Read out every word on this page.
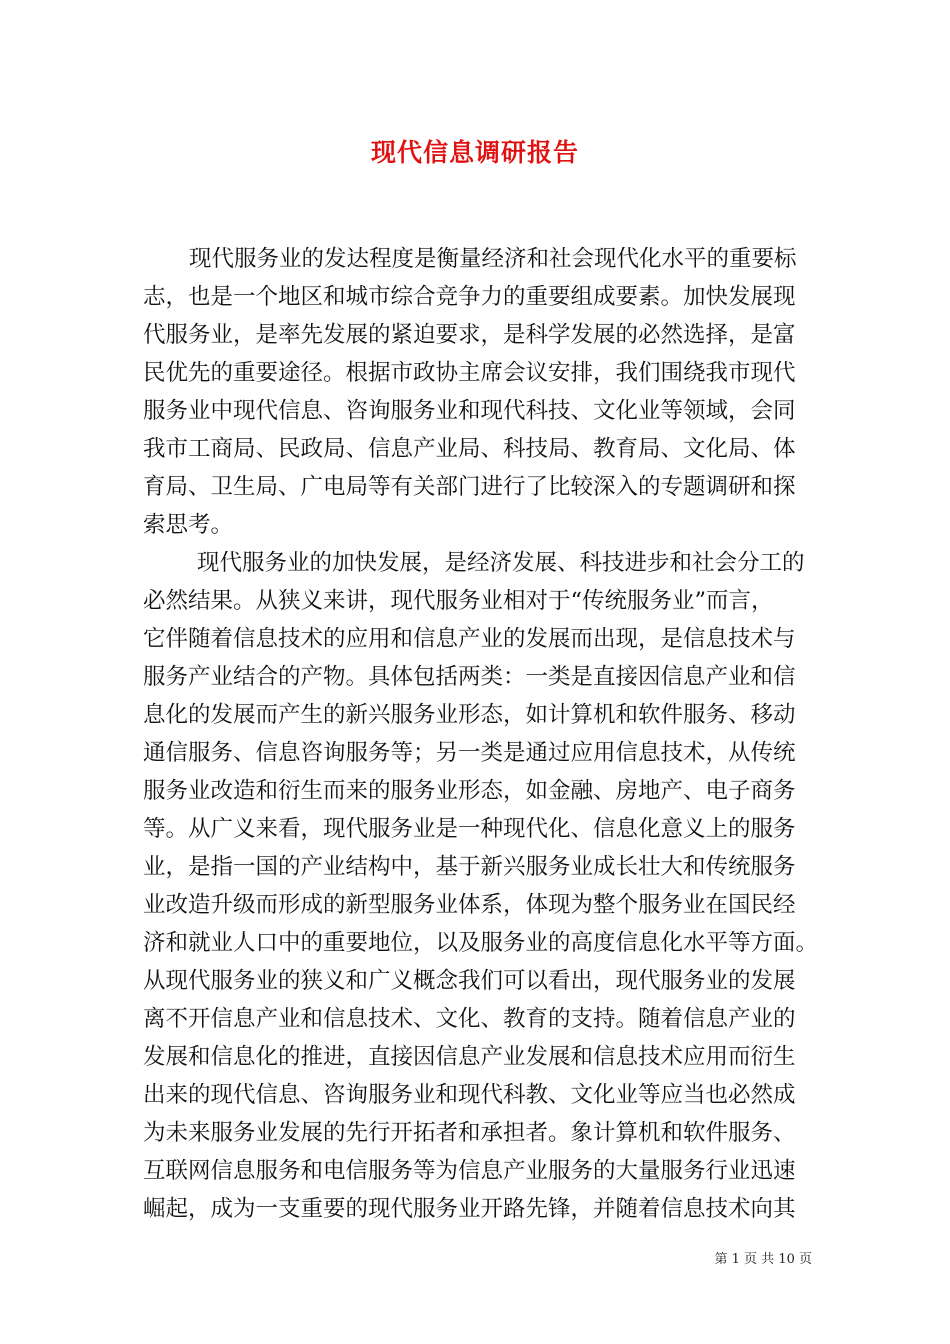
现代信息调研报告
现代服务业的发达程度是衡量经济和社会现代化水平的重要标
志，也是一个地区和城市综合竞争力的重要组成要素。加快发展现
代服务业，是率先发展的紧迫要求，是科学发展的必然选择，是富
民优先的重要途径。根据市政协主席会议安排，我们围绕我市现代
服务业中现代信息、咨询服务业和现代科技、文化业等领域，会同
我市工商局、民政局、信息产业局、科技局、教育局、文化局、体
育局、卫生局、广电局等有关部门进行了比较深入的专题调研和探
索思考。
现代服务业的加快发展，是经济发展、科技进步和社会分工的
必然结果。从狭义来讲，现代服务业相对于“传统服务业”而言，
它伴随着信息技术的应用和信息产业的发展而出现，是信息技术与
服务产业结合的产物。具体包括两类：一类是直接因信息产业和信
息化的发展而产生的新兴服务业形态，如计算机和软件服务、移动
通信服务、信息咨询服务等；另一类是通过应用信息技术，从传统
服务业改造和衍生而来的服务业形态，如金融、房地产、电子商务
等。从广义来看，现代服务业是一种现代化、信息化意义上的服务
业，是指一国的产业结构中，基于新兴服务业成长壮大和传统服务
业改造升级而形成的新型服务业体系，体现为整个服务业在国民经
济和就业人口中的重要地位，以及服务业的高度信息化水平等方面。
从现代服务业的狭义和广义概念我们可以看出，现代服务业的发展
离不开信息产业和信息技术、文化、教育的支持。随着信息产业的
发展和信息化的推进，直接因信息产业发展和信息技术应用而衍生
出来的现代信息、咨询服务业和现代科教、文化业等应当也必然成
为未来服务业发展的先行开拓者和承担者。象计算机和软件服务、
互联网信息服务和电信服务等为信息产业服务的大量服务行业迅速
崛起，成为一支重要的现代服务业开路先锋，并随着信息技术向其
第 1 页 共 10 页
